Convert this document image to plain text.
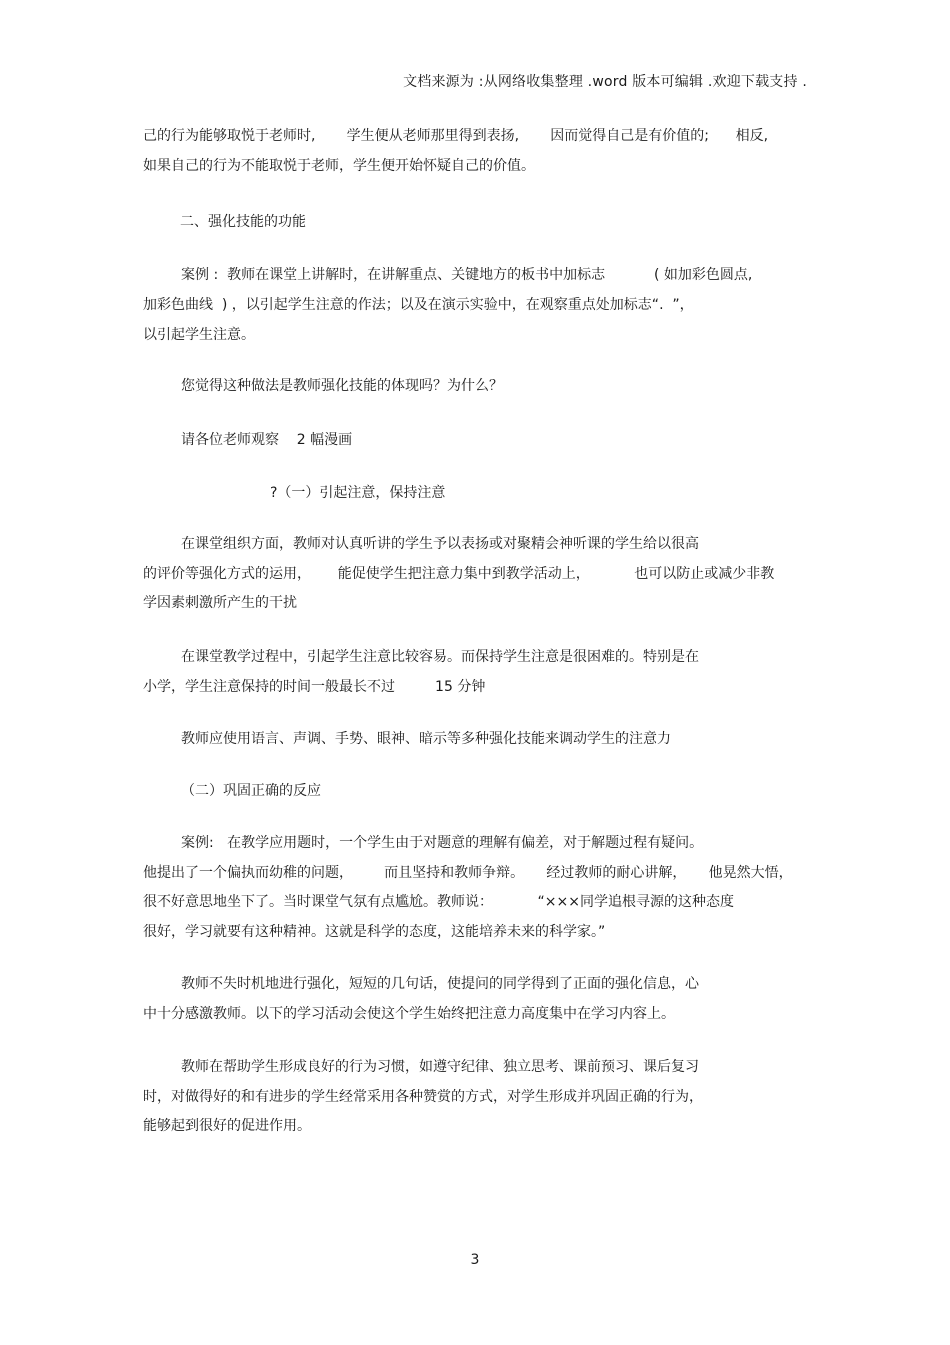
文档来源为 :从网络收集整理 .word 版本可编辑 .欢迎下载支持 .
己的行为能够取悦于老师时,       学生便从老师那里得到表扬,       因而觉得自己是有价值的;      相反,
如果自己的行为不能取悦于老师，学生便开始怀疑自己的价值。
二、强化技能的功能
案例 :  教师在课堂上讲解时，在讲解重点、关键地方的板书中加标志           ( 如加彩色圆点,
加彩色曲线  ) ，以引起学生注意的作法；以及在演示实验中，在观察重点处加标志“.  ”，
以引起学生注意。
您觉得这种做法是教师强化技能的体现吗？为什么？
请各位老师观察    2 幅漫画
?（一）引起注意，保持注意
在课堂组织方面，教师对认真听讲的学生予以表扬或对聚精会神听课的学生给以很高
的评价等强化方式的运用，      能促使学生把注意力集中到教学活动上，          也可以防止或减少非教
学因素刺激所产生的干扰
在课堂教学过程中，引起学生注意比较容易。而保持学生注意是很困难的。特别是在
小学，学生注意保持的时间一般最长不过         15 分钟
教师应使用语言、声调、手势、眼神、暗示等多种强化技能来调动学生的注意力
（二）巩固正确的反应
案例:   在教学应用题时，一个学生由于对题意的理解有偏差，对于解题过程有疑问。
他提出了一个偏执而幼稚的问题，       而且坚持和教师争辩。     经过教师的耐心讲解，     他晃然大悟，
很不好意思地坐下了。当时课堂气氛有点尴尬。教师说：          “×××同学追根寻源的这种态度
很好，学习就要有这种精神。这就是科学的态度，这能培养未来的科学家。”
教师不失时机地进行强化，短短的几句话，使提问的同学得到了正面的强化信息，心
中十分感激教师。以下的学习活动会使这个学生始终把注意力高度集中在学习内容上。
教师在帮助学生形成良好的行为习惯，如遵守纪律、独立思考、课前预习、课后复习
时，对做得好的和有进步的学生经常采用各种赞赏的方式，对学生形成并巩固正确的行为，
能够起到很好的促进作用。
3
